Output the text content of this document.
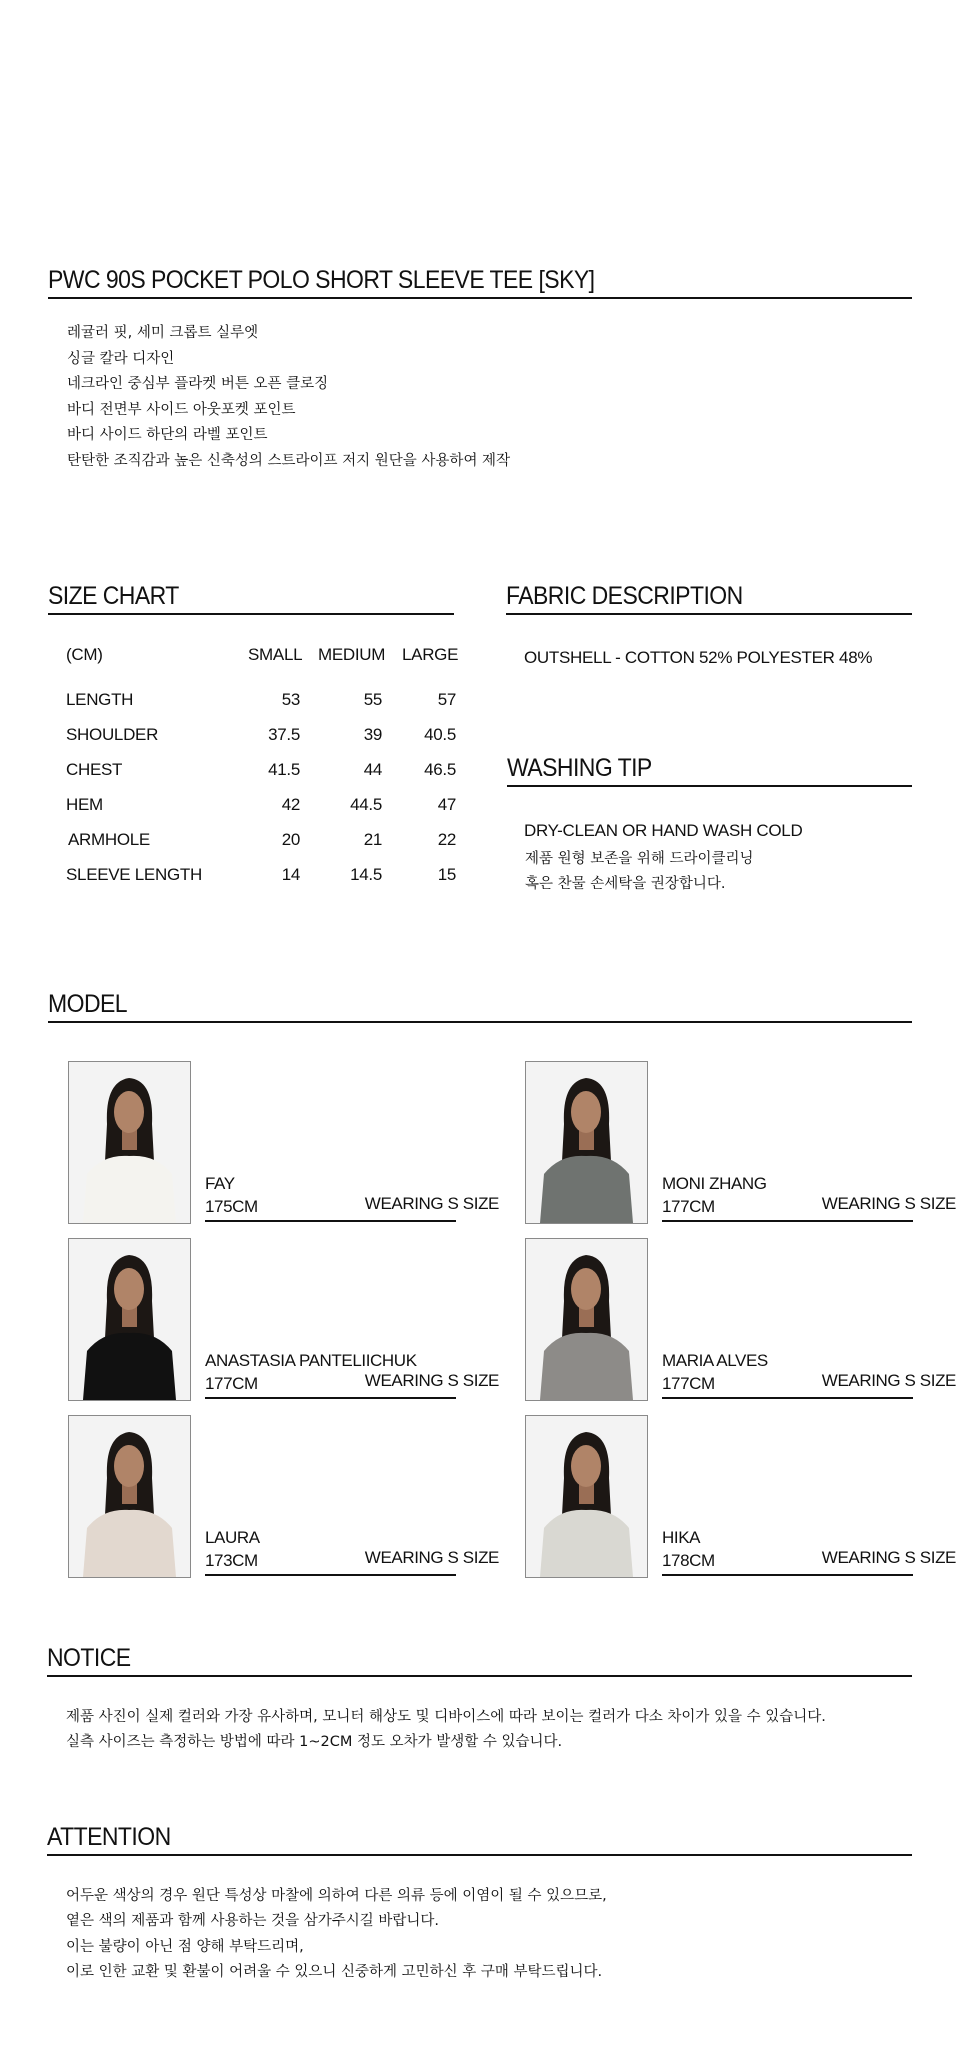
PWC 90S POCKET POLO SHORT SLEEVE TEE [SKY]
레귤러 핏, 세미 크롭트 실루엣
싱글 칼라 디자인
네크라인 중심부 플라켓 버튼 오픈 클로징
바디 전면부 사이드 아웃포켓 포인트
바디 사이드 하단의 라벨 포인트
탄탄한 조직감과 높은 신축성의 스트라이프 저지 원단을 사용하여 제작
SIZE CHART
(CM)	SMALL MEDIUM LARGE
LENGTH	53	55	57
SHOULDER	37.5	39 40.5
CHEST	41.5	44 46.5
HEM	42	44.5	47
ARMHOLE	20	21	22
SLEEVE LENGTH	14	14.5	15
FABRIC DESCRIPTION
OUTSHELL - COTTON 52% POLYESTER 48%
WASHING TIP
DRY-CLEAN OR HAND WASH COLD
제품 원형 보존을 위해 드라이클리닝
혹은 찬물 손세탁을 권장합니다.
MODEL
FAY
175CM	WEARING S SIZE
MONI ZHANG
177CM	WEARING S SIZE
ANASTASIA PANTELIICHUK
177CM	WEARING S SIZE
MARIA ALVES
177CM	WEARING S SIZE
LAURA
173CM	WEARING S SIZE
HIKA
178CM	WEARING S SIZE
NOTICE
제품 사진이 실제 컬러와 가장 유사하며, 모니터 해상도 및 디바이스에 따라 보이는 컬러가 다소 차이가 있을 수 있습니다.
실측 사이즈는 측정하는 방법에 따라 1~2CM 정도 오차가 발생할 수 있습니다.
ATTENTION
어두운 색상의 경우 원단 특성상 마찰에 의하여 다른 의류 등에 이염이 될 수 있으므로,
옅은 색의 제품과 함께 사용하는 것을 삼가주시길 바랍니다.
이는 불량이 아닌 점 양해 부탁드리며,
이로 인한 교환 및 환불이 어려울 수 있으니 신중하게 고민하신 후 구매 부탁드립니다.
